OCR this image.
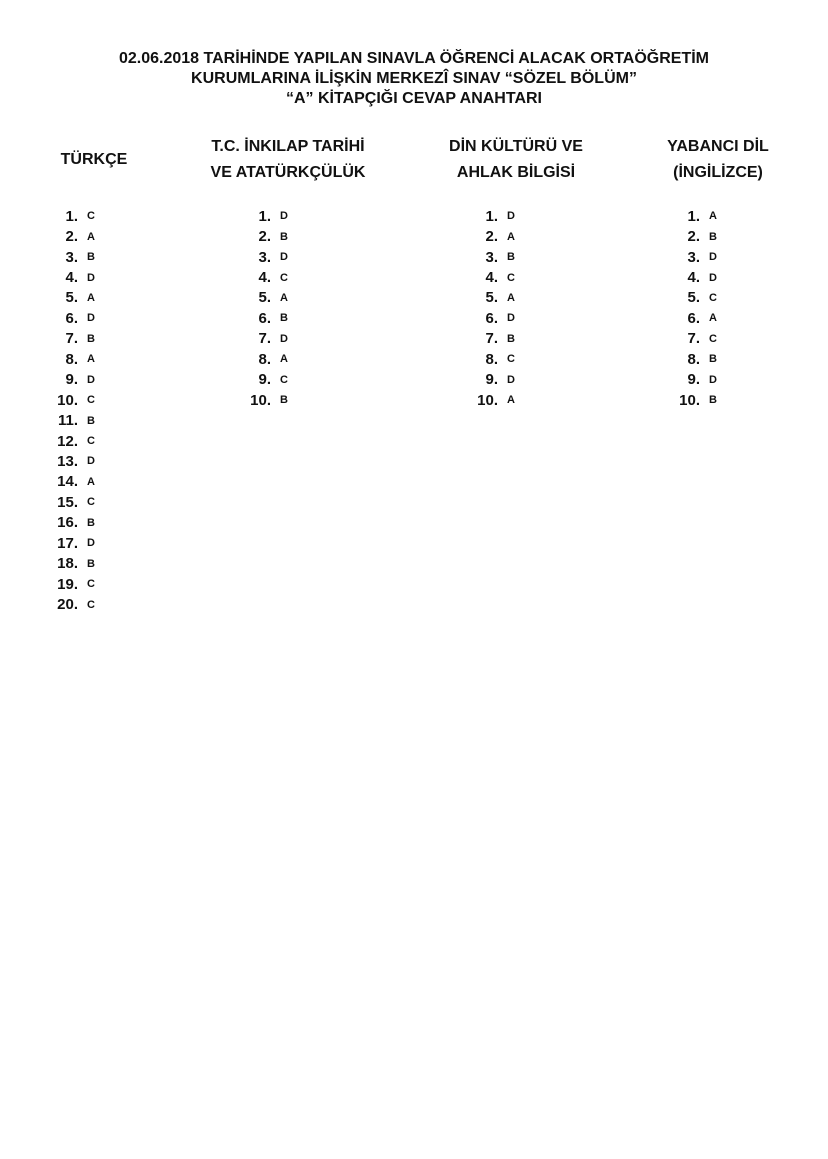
02.06.2018 TARİHİNDE YAPILAN SINAVLA ÖĞRENCİ ALACAK ORTAÖĞRETİM
KURUMLARINA İLİŞKİN MERKEZÎ SINAV “SÖZEL BÖLÜM”
“A” KİTAPÇIĞI CEVAP ANAHTARI
TÜRKÇE
T.C. İNKILAP TARİHİ
VE ATATÜRKÇÜLÜK
DİN KÜLTÜRÜ VE
AHLAK BİLGİSİ
YABANCI DİL
(İNGİLİZCE)
1. C
2. A
3. B
4. D
5. A
6. D
7. B
8. A
9. D
10. C
11. B
12. C
13. D
14. A
15. C
16. B
17. D
18. B
19. C
20. C
1. D
2. B
3. D
4. C
5. A
6. B
7. D
8. A
9. C
10. B
1. D
2. A
3. B
4. C
5. A
6. D
7. B
8. C
9. D
10. A
1. A
2. B
3. D
4. D
5. C
6. A
7. C
8. B
9. D
10. B
